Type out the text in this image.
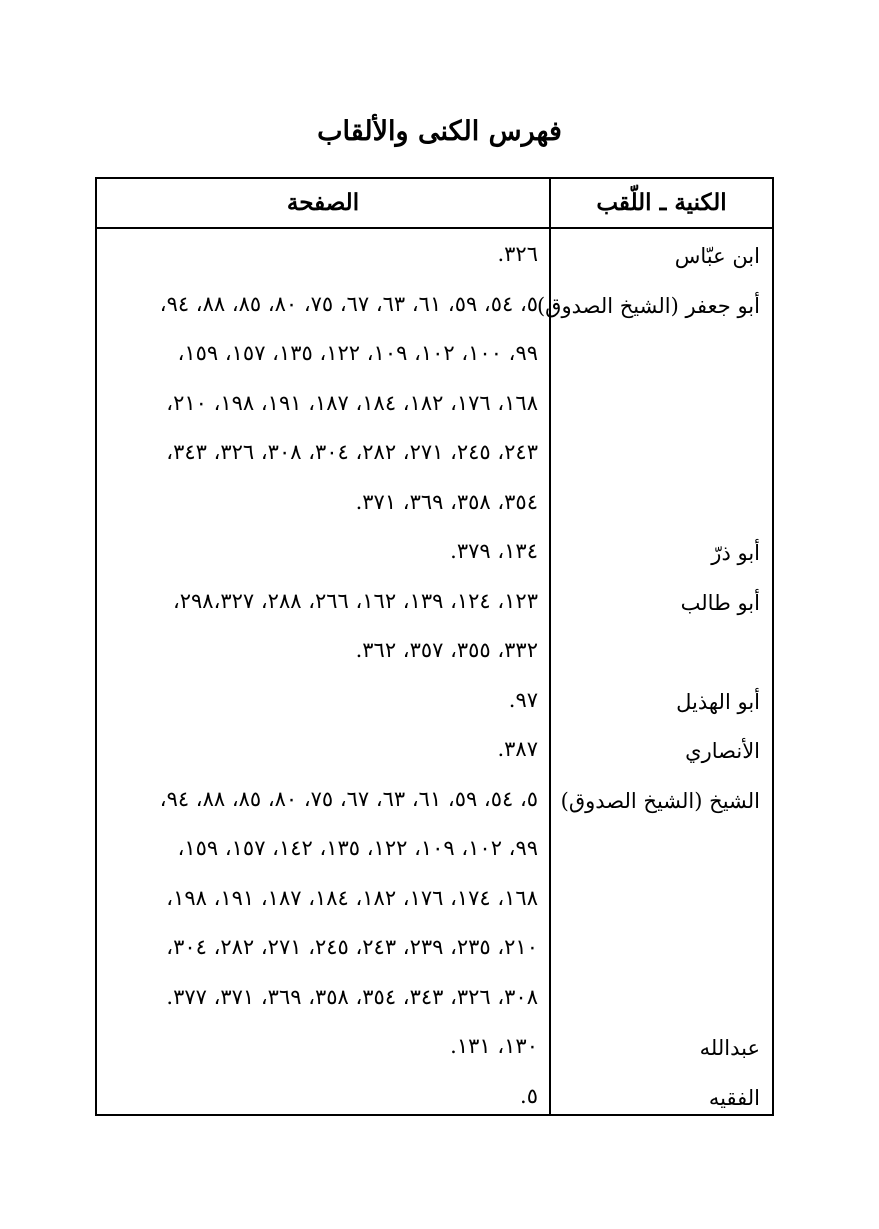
فهرس الكنى والألقاب
الكنية ـ اللّقب
الصفحة
ابن عبّاس
٣٢٦.
أبو جعفر (الشيخ الصدوق)
٥، ٥٤، ٥٩، ٦١، ٦٣، ٦٧، ٧٥، ٨٠، ٨٥، ٨٨، ٩٤،
٩٩، ١٠٠، ١٠٢، ١٠٩، ١٢٢، ١٣٥، ١٥٧، ١٥٩،
١٦٨، ١٧٦، ١٨٢، ١٨٤، ١٨٧، ١٩١، ١٩٨، ٢١٠،
٢٤٣، ٢٤٥، ٢٧١، ٢٨٢، ٣٠٤، ٣٠٨، ٣٢٦، ٣٤٣،
٣٥٤، ٣٥٨، ٣٦٩، ٣٧١.
أبو ذرّ
١٣٤، ٣٧٩.
أبو طالب
١٢٣، ١٢٤، ١٣٩، ١٦٢، ٢٦٦، ٢٨٨، ٢٩٨،٣٢٧،
٣٣٢، ٣٥٥، ٣٥٧، ٣٦٢.
أبو الهذيل
٩٧.
الأنصاري
٣٨٧.
الشيخ (الشيخ الصدوق)
٥، ٥٤، ٥٩، ٦١، ٦٣، ٦٧، ٧٥، ٨٠، ٨٥، ٨٨، ٩٤،
٩٩، ١٠٢، ١٠٩، ١٢٢، ١٣٥، ١٤٢، ١٥٧، ١٥٩،
١٦٨، ١٧٤، ١٧٦، ١٨٢، ١٨٤، ١٨٧، ١٩١، ١٩٨،
٢١٠، ٢٣٥، ٢٣٩، ٢٤٣، ٢٤٥، ٢٧١، ٢٨٢، ٣٠٤،
٣٠٨، ٣٢٦، ٣٤٣، ٣٥٤، ٣٥٨، ٣٦٩، ٣٧١، ٣٧٧.
عبدالله
١٣٠، ١٣١.
الفقيه
٥.
